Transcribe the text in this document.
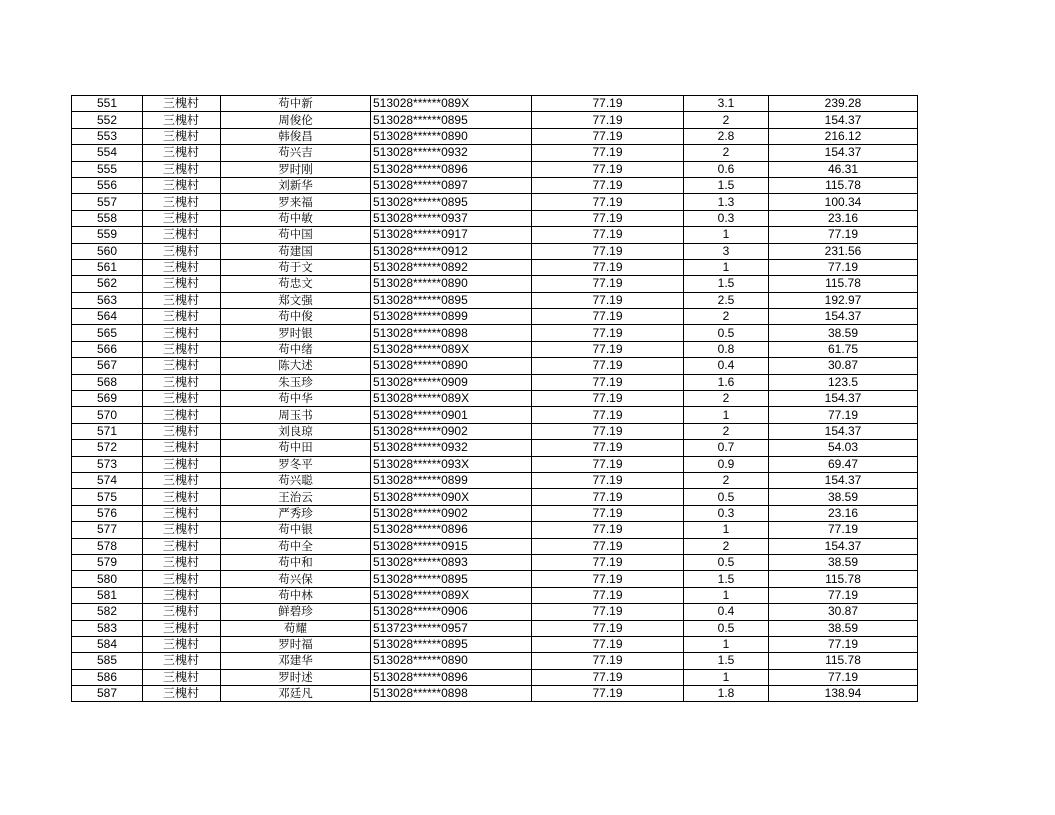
551	三槐村	苟中新	513028******089X	77.19	3.1	239.28
552	三槐村	周俊伦	513028******0895	77.19	2	154.37
553	三槐村	韩俊昌	513028******0890	77.19	2.8	216.12
554	三槐村	苟兴吉	513028******0932	77.19	2	154.37
555	三槐村	罗时刚	513028******0896	77.19	0.6	46.31
556	三槐村	刘新华	513028******0897	77.19	1.5	115.78
557	三槐村	罗来福	513028******0895	77.19	1.3	100.34
558	三槐村	苟中敏	513028******0937	77.19	0.3	23.16
559	三槐村	苟中国	513028******0917	77.19	1	77.19
560	三槐村	苟建国	513028******0912	77.19	3	231.56
561	三槐村	苟于文	513028******0892	77.19	1	77.19
562	三槐村	苟忠文	513028******0890	77.19	1.5	115.78
563	三槐村	郑文强	513028******0895	77.19	2.5	192.97
564	三槐村	苟中俊	513028******0899	77.19	2	154.37
565	三槐村	罗时银	513028******0898	77.19	0.5	38.59
566	三槐村	苟中绪	513028******089X	77.19	0.8	61.75
567	三槐村	陈大述	513028******0890	77.19	0.4	30.87
568	三槐村	朱玉珍	513028******0909	77.19	1.6	123.5
569	三槐村	苟中华	513028******089X	77.19	2	154.37
570	三槐村	周玉书	513028******0901	77.19	1	77.19
571	三槐村	刘良琼	513028******0902	77.19	2	154.37
572	三槐村	苟中田	513028******0932	77.19	0.7	54.03
573	三槐村	罗冬平	513028******093X	77.19	0.9	69.47
574	三槐村	苟兴聪	513028******0899	77.19	2	154.37
575	三槐村	王治云	513028******090X	77.19	0.5	38.59
576	三槐村	严秀珍	513028******0902	77.19	0.3	23.16
577	三槐村	苟中银	513028******0896	77.19	1	77.19
578	三槐村	苟中全	513028******0915	77.19	2	154.37
579	三槐村	苟中和	513028******0893	77.19	0.5	38.59
580	三槐村	苟兴保	513028******0895	77.19	1.5	115.78
581	三槐村	苟中林	513028******089X	77.19	1	77.19
582	三槐村	鲜碧珍	513028******0906	77.19	0.4	30.87
583	三槐村	苟耀	513723******0957	77.19	0.5	38.59
584	三槐村	罗时福	513028******0895	77.19	1	77.19
585	三槐村	邓建华	513028******0890	77.19	1.5	115.78
586	三槐村	罗时述	513028******0896	77.19	1	77.19
587	三槐村	邓廷凡	513028******0898	77.19	1.8	138.94
